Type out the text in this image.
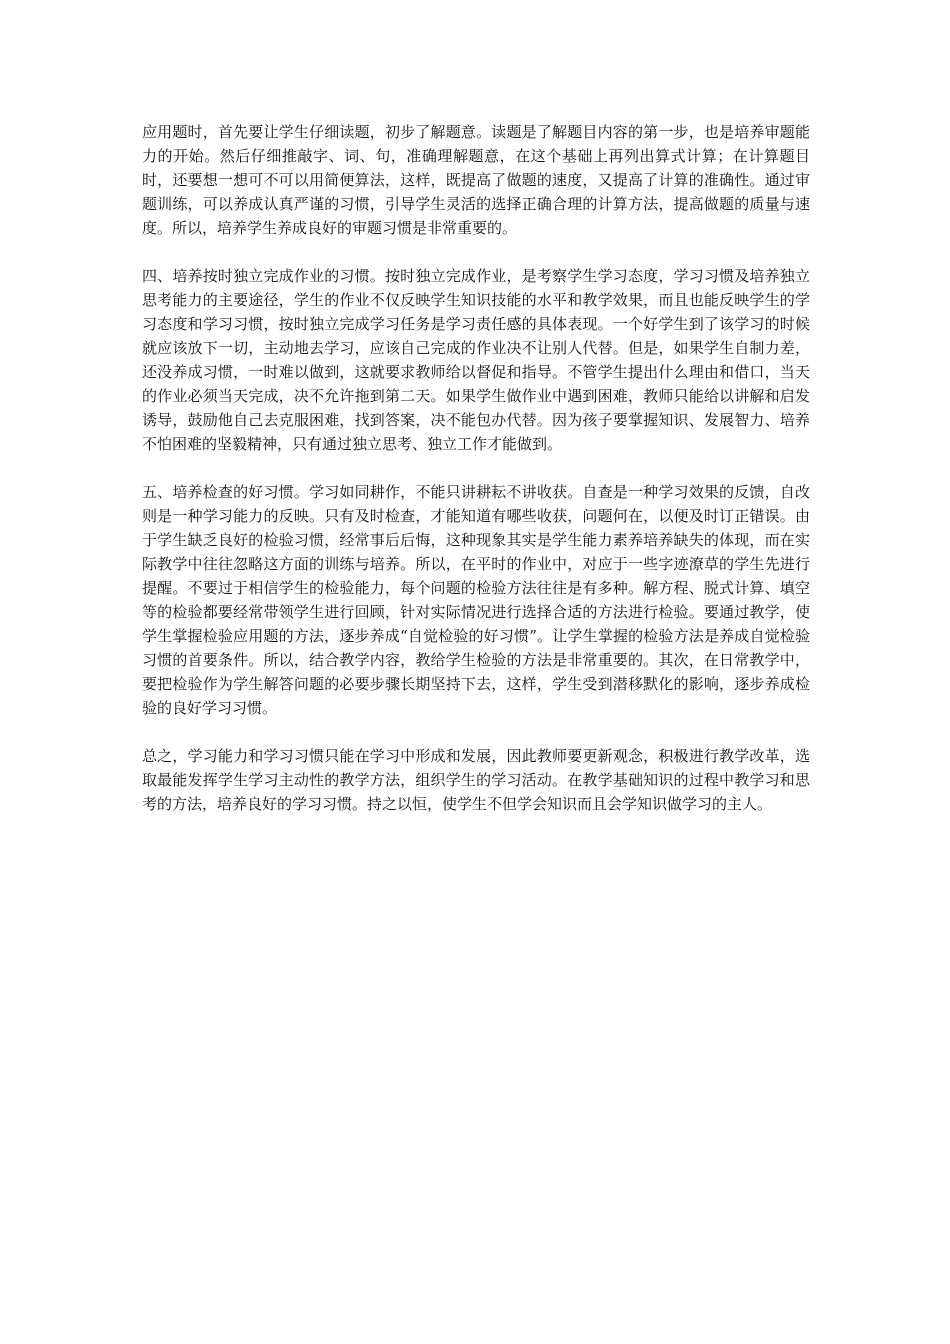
应用题时，首先要让学生仔细读题，初步了解题意。读题是了解题目内容的第一步，也是培养审题能力的开始。然后仔细推敲字、词、句，准确理解题意，在这个基础上再列出算式计算；在计算题目时，还要想一想可不可以用简便算法，这样，既提高了做题的速度，又提高了计算的准确性。通过审题训练，可以养成认真严谨的习惯，引导学生灵活的选择正确合理的计算方法，提高做题的质量与速度。所以，培养学生养成良好的审题习惯是非常重要的。

四、培养按时独立完成作业的习惯。按时独立完成作业，是考察学生学习态度，学习习惯及培养独立思考能力的主要途径，学生的作业不仅反映学生知识技能的水平和教学效果，而且也能反映学生的学习态度和学习习惯，按时独立完成学习任务是学习责任感的具体表现。一个好学生到了该学习的时候就应该放下一切，主动地去学习，应该自己完成的作业决不让别人代替。但是，如果学生自制力差，还没养成习惯，一时难以做到，这就要求教师给以督促和指导。不管学生提出什么理由和借口，当天的作业必须当天完成，决不允许拖到第二天。如果学生做作业中遇到困难，教师只能给以讲解和启发诱导，鼓励他自己去克服困难，找到答案，决不能包办代替。因为孩子要掌握知识、发展智力、培养不怕困难的坚毅精神，只有通过独立思考、独立工作才能做到。

五、培养检查的好习惯。学习如同耕作，不能只讲耕耘不讲收获。自查是一种学习效果的反馈，自改则是一种学习能力的反映。只有及时检查，才能知道有哪些收获，问题何在，以便及时订正错误。由于学生缺乏良好的检验习惯，经常事后后悔，这种现象其实是学生能力素养培养缺失的体现，而在实际教学中往往忽略这方面的训练与培养。所以，在平时的作业中，对应于一些字迹潦草的学生先进行提醒。不要过于相信学生的检验能力，每个问题的检验方法往往是有多种。解方程、脱式计算、填空等的检验都要经常带领学生进行回顾，针对实际情况进行选择合适的方法进行检验。要通过教学，使学生掌握检验应用题的方法，逐步养成“自觉检验的好习惯”。让学生掌握的检验方法是养成自觉检验习惯的首要条件。所以，结合教学内容，教给学生检验的方法是非常重要的。其次，在日常教学中，要把检验作为学生解答问题的必要步骤长期坚持下去，这样，学生受到潜移默化的影响，逐步养成检验的良好学习习惯。

总之，学习能力和学习习惯只能在学习中形成和发展，因此教师要更新观念，积极进行教学改革，选取最能发挥学生学习主动性的教学方法，组织学生的学习活动。在教学基础知识的过程中教学习和思考的方法，培养良好的学习习惯。持之以恒，使学生不但学会知识而且会学知识做学习的主人。
